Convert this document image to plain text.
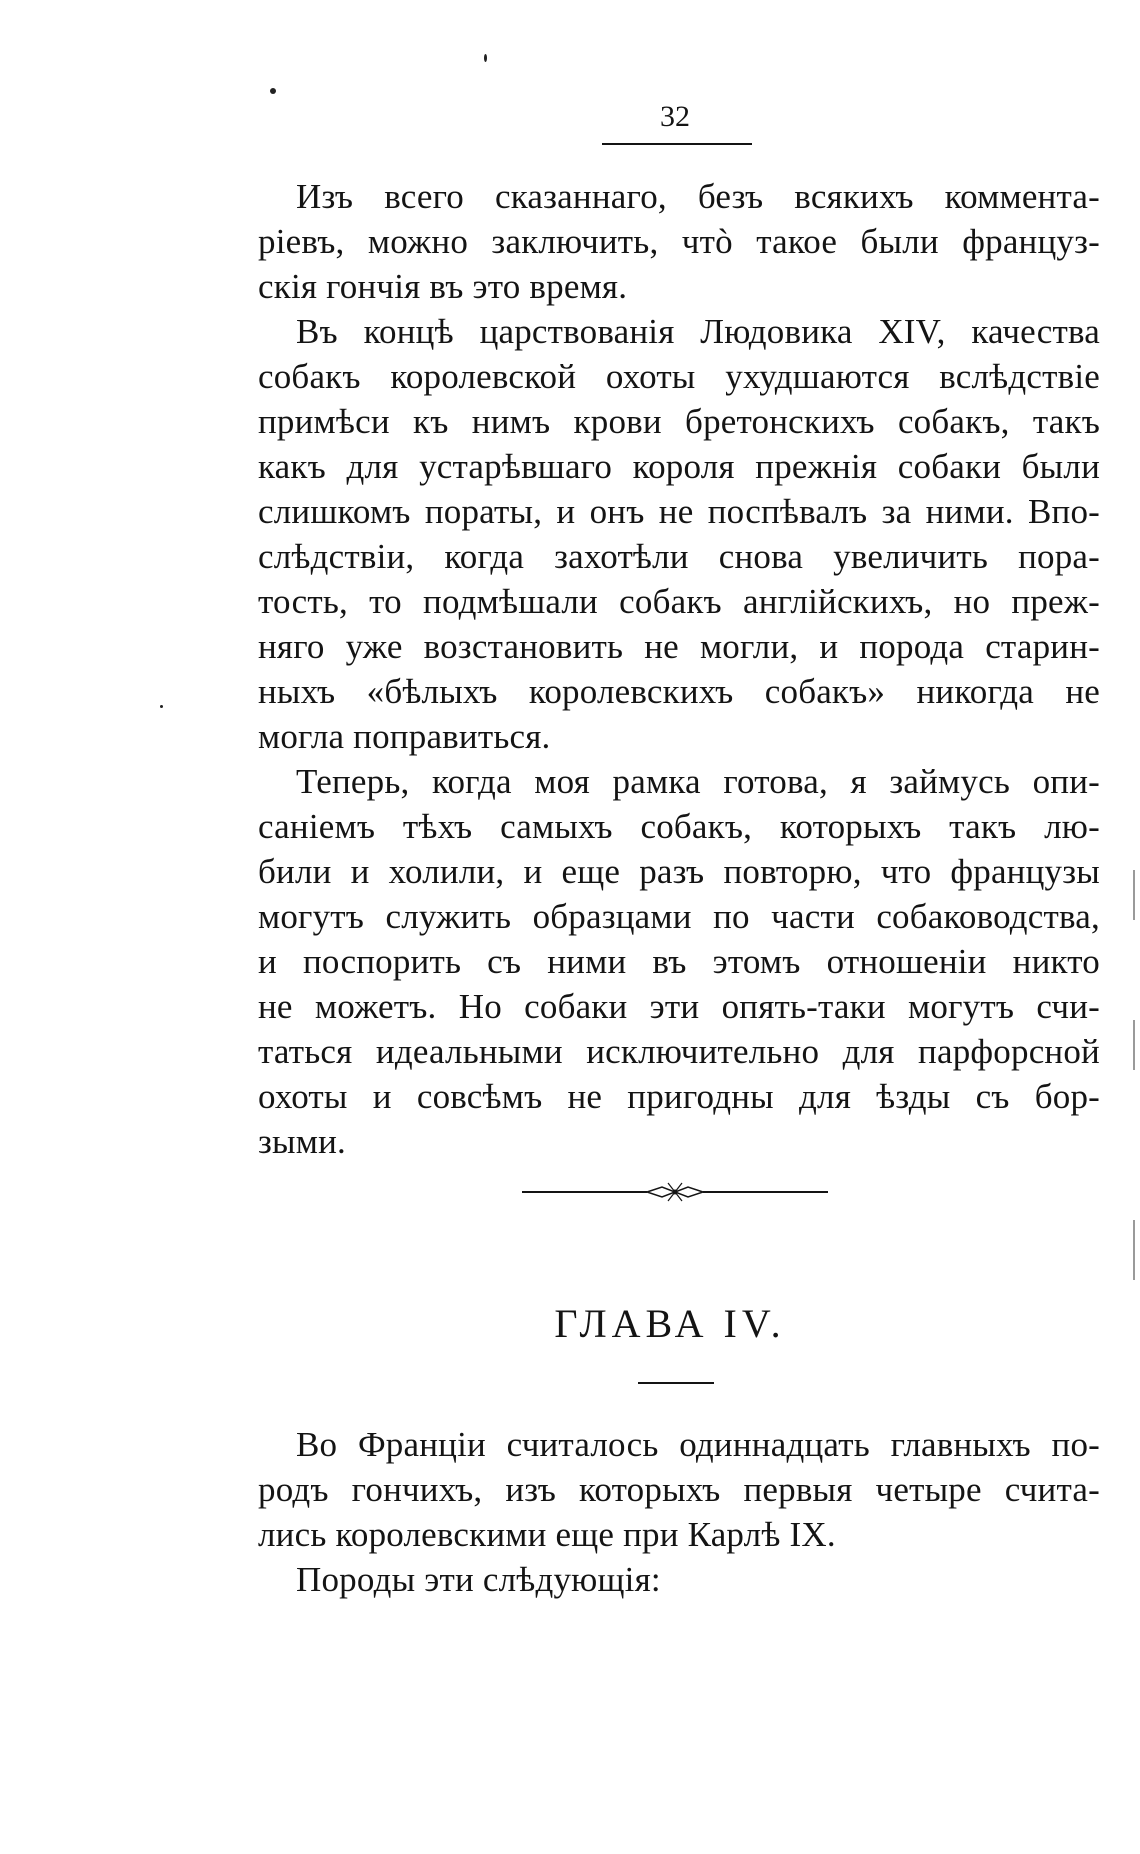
32
Изъ всего сказаннаго, безъ всякихъ коммента-
ріевъ, можно заключить, чтò такое были француз-
скія гончія въ это время.
Въ концѣ царствованія Людовика XIV, качества
собакъ королевской охоты ухудшаются вслѣдствіе
примѣси къ нимъ крови бретонскихъ собакъ, такъ
какъ для устарѣвшаго короля прежнія собаки были
слишкомъ пораты, и онъ не поспѣвалъ за ними. Впо-
слѣдствіи, когда захотѣли снова увеличить пора-
тость, то подмѣшали собакъ англійскихъ, но преж-
няго уже возстановить не могли, и порода старин-
ныхъ «бѣлыхъ королевскихъ собакъ» никогда не
могла поправиться.
Теперь, когда моя рамка готова, я займусь опи-
саніемъ тѣхъ самыхъ собакъ, которыхъ такъ лю-
били и холили, и еще разъ повторю, что французы
могутъ служить образцами по части собаководства,
и поспорить съ ними въ этомъ отношеніи никто
не можетъ. Но собаки эти опять-таки могутъ счи-
таться идеальными исключительно для парфорсной
охоты и совсѣмъ не пригодны для ѣзды съ бор-
зыми.
ГЛАВА IV.
Во Франціи считалось одиннадцать главныхъ по-
родъ гончихъ, изъ которыхъ первыя четыре счита-
лись королевскими еще при Карлѣ IX.
Породы эти слѣдующія:
